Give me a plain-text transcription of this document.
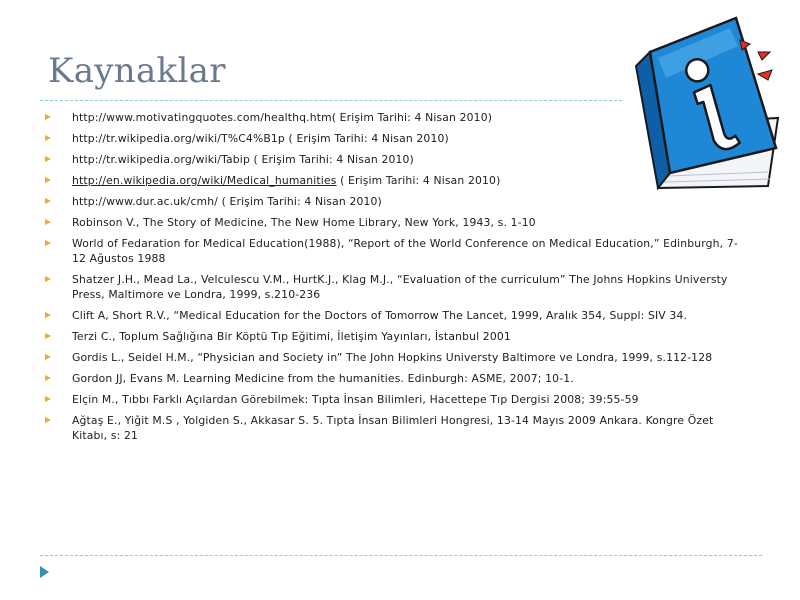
Kaynaklar
http://www.motivatingquotes.com/healthq.htm( Erişim Tarihi: 4 Nisan 2010)
http://tr.wikipedia.org/wiki/T%C4%B1p ( Erişim Tarihi: 4 Nisan 2010)
http://tr.wikipedia.org/wiki/Tabip ( Erişim Tarihi: 4 Nisan 2010)
http://en.wikipedia.org/wiki/Medical_humanities ( Erişim Tarihi: 4 Nisan 2010)
http://www.dur.ac.uk/cmh/ ( Erişim Tarihi: 4 Nisan 2010)
Robinson V., The Story of Medicine, The New Home Library, New York, 1943, s. 1-10
World of Fedaration for Medical Education(1988), “Report of the World Conference on Medical Education,” Edinburgh, 7-12 Ağustos 1988
Shatzer J.H., Mead La., Velculescu V.M., HurtK.J., Klag M.J., “Evaluation of the curriculum” The Johns Hopkins Universty Press, Maltimore ve Londra, 1999, s.210-236
Clift A, Short R.V., “Medical Education for the Doctors of Tomorrow The Lancet, 1999, Aralık 354, Suppl: SIV 34.
Terzi C., Toplum Sağlığına Bir Köptü Tıp Eğitimi, İletişim Yayınları, İstanbul 2001
Gordis L., Seidel H.M., “Physician and Society in” The John Hopkins Universty Baltimore ve Londra, 1999, s.112-128
Gordon JJ, Evans M. Learning Medicine from the humanities. Edinburgh: ASME, 2007; 10-1.
Elçin M., Tıbbı Farklı Açılardan Görebilmek: Tıpta İnsan Bilimleri, Hacettepe Tıp Dergisi 2008; 39:55-59
Ağtaş E., Yiğit M.S , Yolgiden S., Akkasar S. 5. Tıpta İnsan Bilimleri Hongresi, 13-14 Mayıs 2009 Ankara. Kongre Özet Kitabı, s: 21
